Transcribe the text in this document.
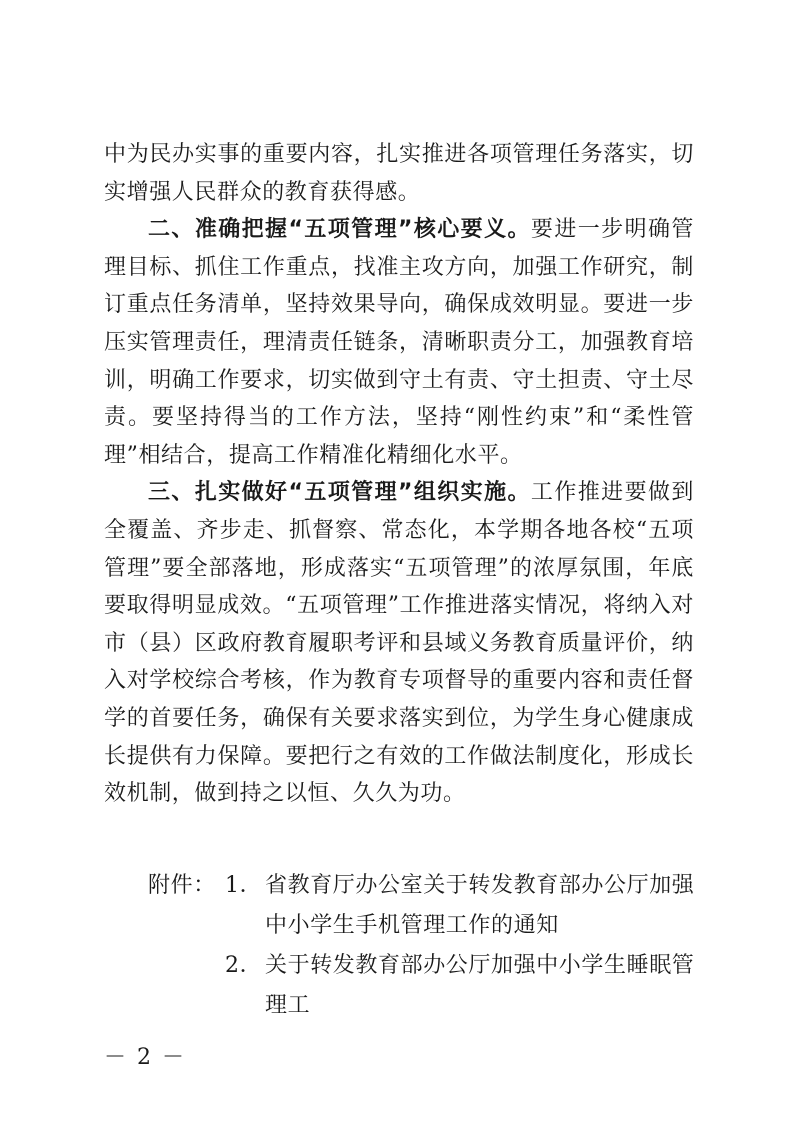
中为民办实事的重要内容，扎实推进各项管理任务落实，切实增强人民群众的教育获得感。

二、准确把握“五项管理”核心要义。要进一步明确管理目标、抓住工作重点，找准主攻方向，加强工作研究，制订重点任务清单，坚持效果导向，确保成效明显。要进一步压实管理责任，理清责任链条，清晰职责分工，加强教育培训，明确工作要求，切实做到守土有责、守土担责、守土尽责。要坚持得当的工作方法，坚持“刚性约束”和“柔性管理”相结合，提高工作精准化精细化水平。

三、扎实做好“五项管理”组织实施。工作推进要做到全覆盖、齐步走、抓督察、常态化，本学期各地各校“五项管理”要全部落地，形成落实“五项管理”的浓厚氛围，年底要取得明显成效。“五项管理”工作推进落实情况，将纳入对市（县）区政府教育履职考评和县域义务教育质量评价，纳入对学校综合考核，作为教育专项督导的重要内容和责任督学的首要任务，确保有关要求落实到位，为学生身心健康成长提供有力保障。要把行之有效的工作做法制度化，形成长效机制，做到持之以恒、久久为功。

附件： 1． 省教育厅办公室关于转发教育部办公厅加强中小学生手机管理工作的通知
2． 关于转发教育部办公厅加强中小学生睡眠管理工
－ 2 －
